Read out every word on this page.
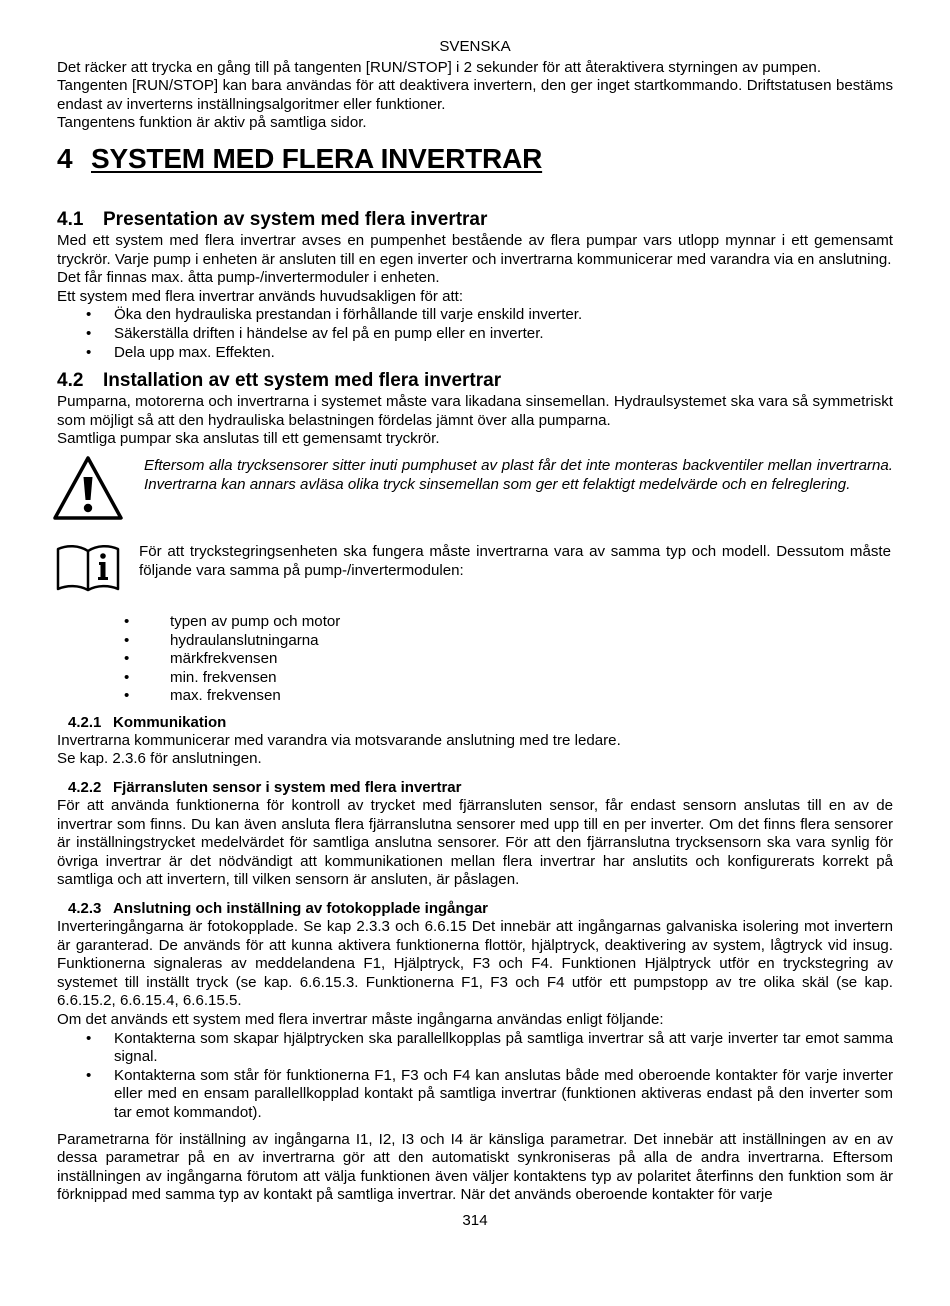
SVENSKA

Det räcker att trycka en gång till på tangenten [RUN/STOP] i 2 sekunder för att återaktivera styrningen av pumpen.

Tangenten [RUN/STOP] kan bara användas för att deaktivera invertern, den ger inget startkommando. Driftstatusen bestäms endast av inverterns inställningsalgoritmer eller funktioner.

Tangentens funktion är aktiv på samtliga sidor.

4 SYSTEM MED FLERA INVERTRAR
4.1 Presentation av system med flera invertrar

Med ett system med flera invertrar avses en pumpenhet bestående av flera pumpar vars utlopp mynnar i ett gemensamt tryckrör. Varje pump i enheten är ansluten till en egen inverter och invertrarna kommunicerar med varandra via en anslutning.

Det får finnas max. åtta pump-/invertermoduler i enheten.

Ett system med flera invertrar används huvudsakligen för att:

• Öka den hydrauliska prestandan i förhållande till varje enskild inverter.
• Säkerställa driften i händelse av fel på en pump eller en inverter.
• Dela upp max. Effekten.
4.2 Installation av ett system med flera invertrar

Pumparna, motorerna och invertrarna i systemet måste vara likadana sinsemellan. Hydraulsystemet ska vara så symmetriskt som möjligt så att den hydrauliska belastningen fördelas jämnt över alla pumparna.

Samtliga pumpar ska anslutas till ett gemensamt tryckrör.

Eftersom alla trycksensorer sitter inuti pumphuset av plast får det inte monteras backventiler mellan invertrarna. Invertrarna kan annars avläsa olika tryck sinsemellan som ger ett felaktigt medelvärde och en felreglering.

För att tryckstegringsenheten ska fungera måste invertrarna vara av samma typ och modell. Dessutom måste följande vara samma på pump-/invertermodulen:

• typen av pump och motor
• hydraulanslutningarna
• märkfrekvensen
• min. frekvensen
• max. frekvensen
4.2.1 Kommunikation

Invertrarna kommunicerar med varandra via motsvarande anslutning med tre ledare.

Se kap. 2.3.6 för anslutningen.

4.2.2 Fjärransluten sensor i system med flera invertrar

För att använda funktionerna för kontroll av trycket med fjärransluten sensor, får endast sensorn anslutas till en av de invertrar som finns. Du kan även ansluta flera fjärranslutna sensorer med upp till en per inverter. Om det finns flera sensorer är inställningstrycket medelvärdet för samtliga anslutna sensorer. För att den fjärranslutna trycksensorn ska vara synlig för övriga invertrar är det nödvändigt att kommunikationen mellan flera invertrar har anslutits och konfigurerats korrekt på samtliga och att invertern, till vilken sensorn är ansluten, är påslagen.

4.2.3 Anslutning och inställning av fotokopplade ingångar

Inverteringångarna är fotokopplade. Se kap 2.3.3 och 6.6.15 Det innebär att ingångarnas galvaniska isolering mot invertern är garanterad. De används för att kunna aktivera funktionerna flottör, hjälptryck, deaktivering av system, lågtryck vid insug. Funktionerna signaleras av meddelandena F1, Hjälptryck, F3 och F4. Funktionen Hjälptryck utför en tryckstegring av systemet till inställt tryck (se kap. 6.6.15.3. Funktionerna F1, F3 och F4 utför ett pumpstopp av tre olika skäl (se kap. 6.6.15.2, 6.6.15.4, 6.6.15.5.

Om det används ett system med flera invertrar måste ingångarna användas enligt följande:

• Kontakterna som skapar hjälptrycken ska parallellkopplas på samtliga invertrar så att varje inverter tar emot samma signal.
• Kontakterna som står för funktionerna F1, F3 och F4 kan anslutas både med oberoende kontakter för varje inverter eller med en ensam parallellkopplad kontakt på samtliga invertrar (funktionen aktiveras endast på den inverter som tar emot kommandot).

Parametrarna för inställning av ingångarna I1, I2, I3 och I4 är känsliga parametrar. Det innebär att inställningen av en av dessa parametrar på en av invertrarna gör att den automatiskt synkroniseras på alla de andra invertrarna. Eftersom inställningen av ingångarna förutom att välja funktionen även väljer kontaktens typ av polaritet återfinns den funktion som är förknippad med samma typ av kontakt på samtliga invertrar. När det används oberoende kontakter för varje

314
